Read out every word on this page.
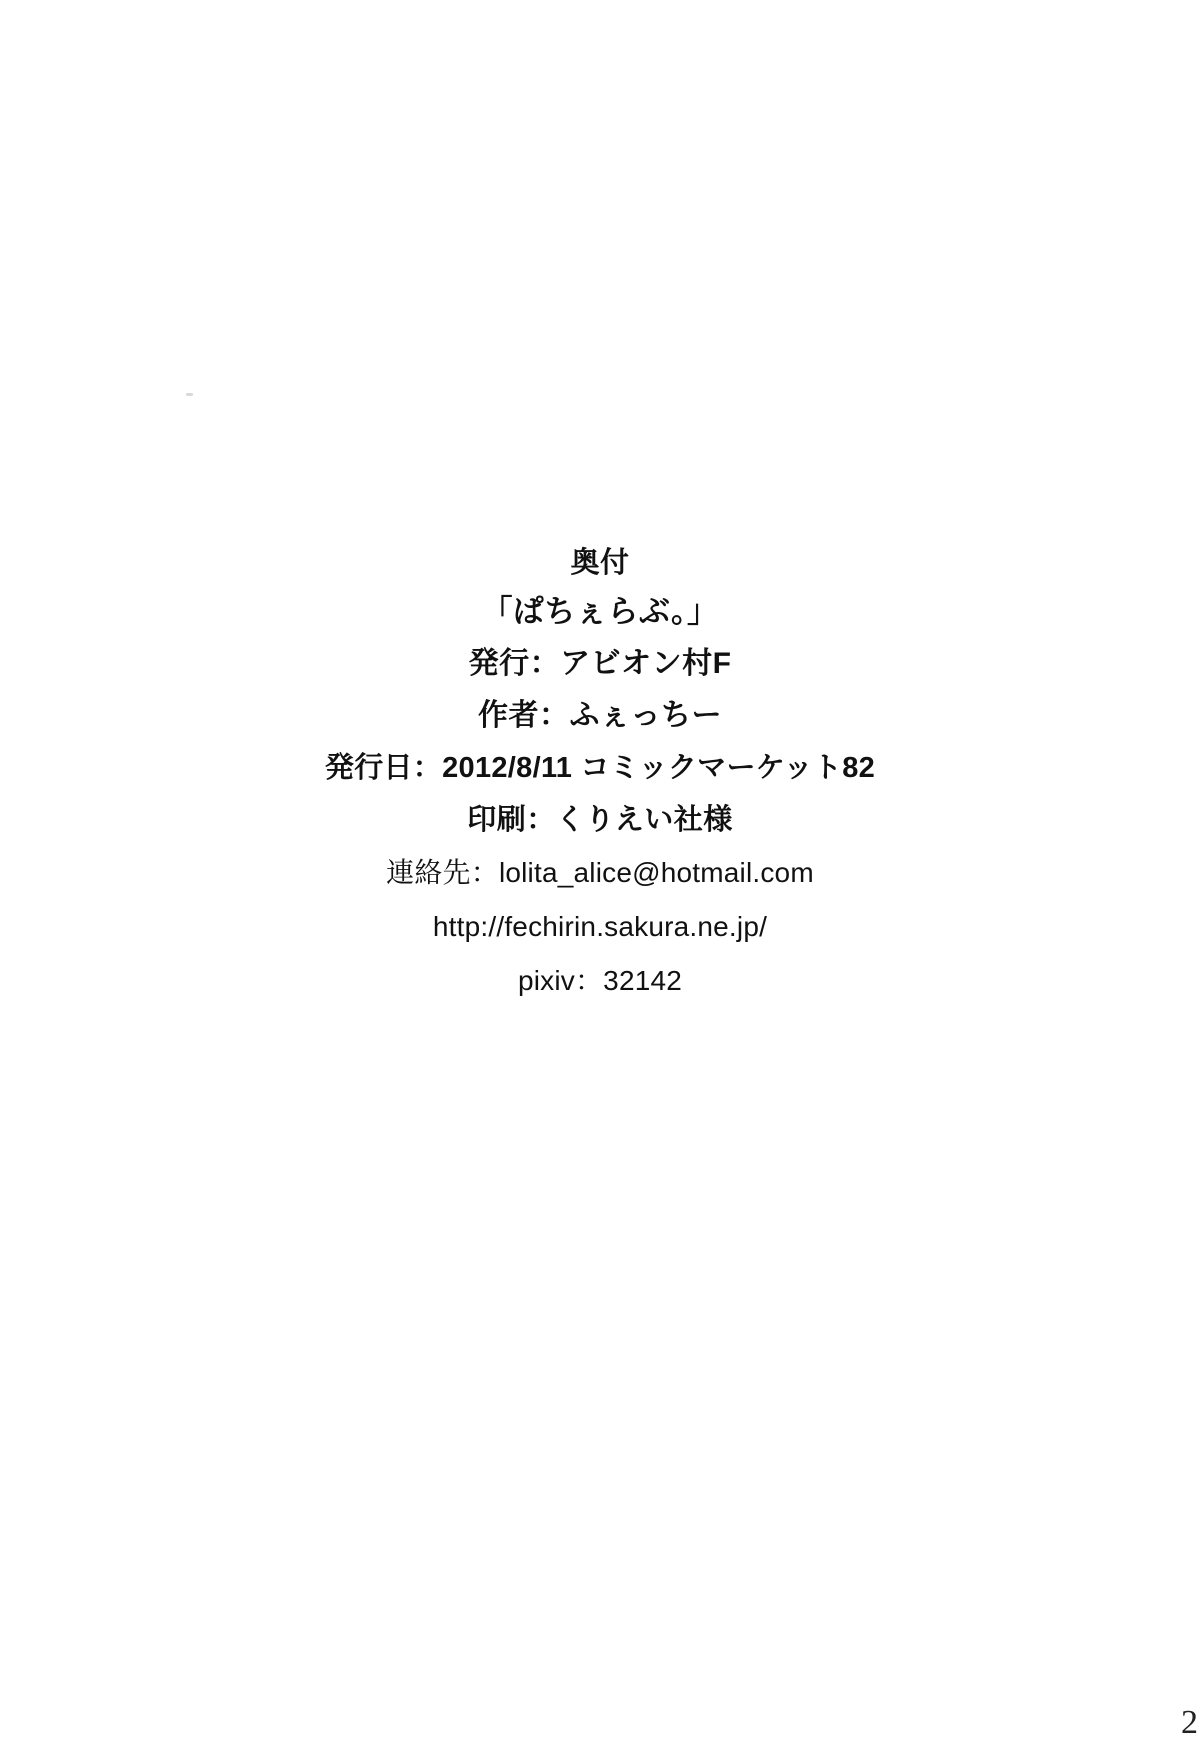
奥付
「ぱちぇらぶ。」
発行：アビオン村F
作者：ふぇっちー
発行日：2012/8/11 コミックマーケット82
印刷：くりえい社様
連絡先：lolita_alice@hotmail.com
http://fechirin.sakura.ne.jp/
pixiv：32142
2
